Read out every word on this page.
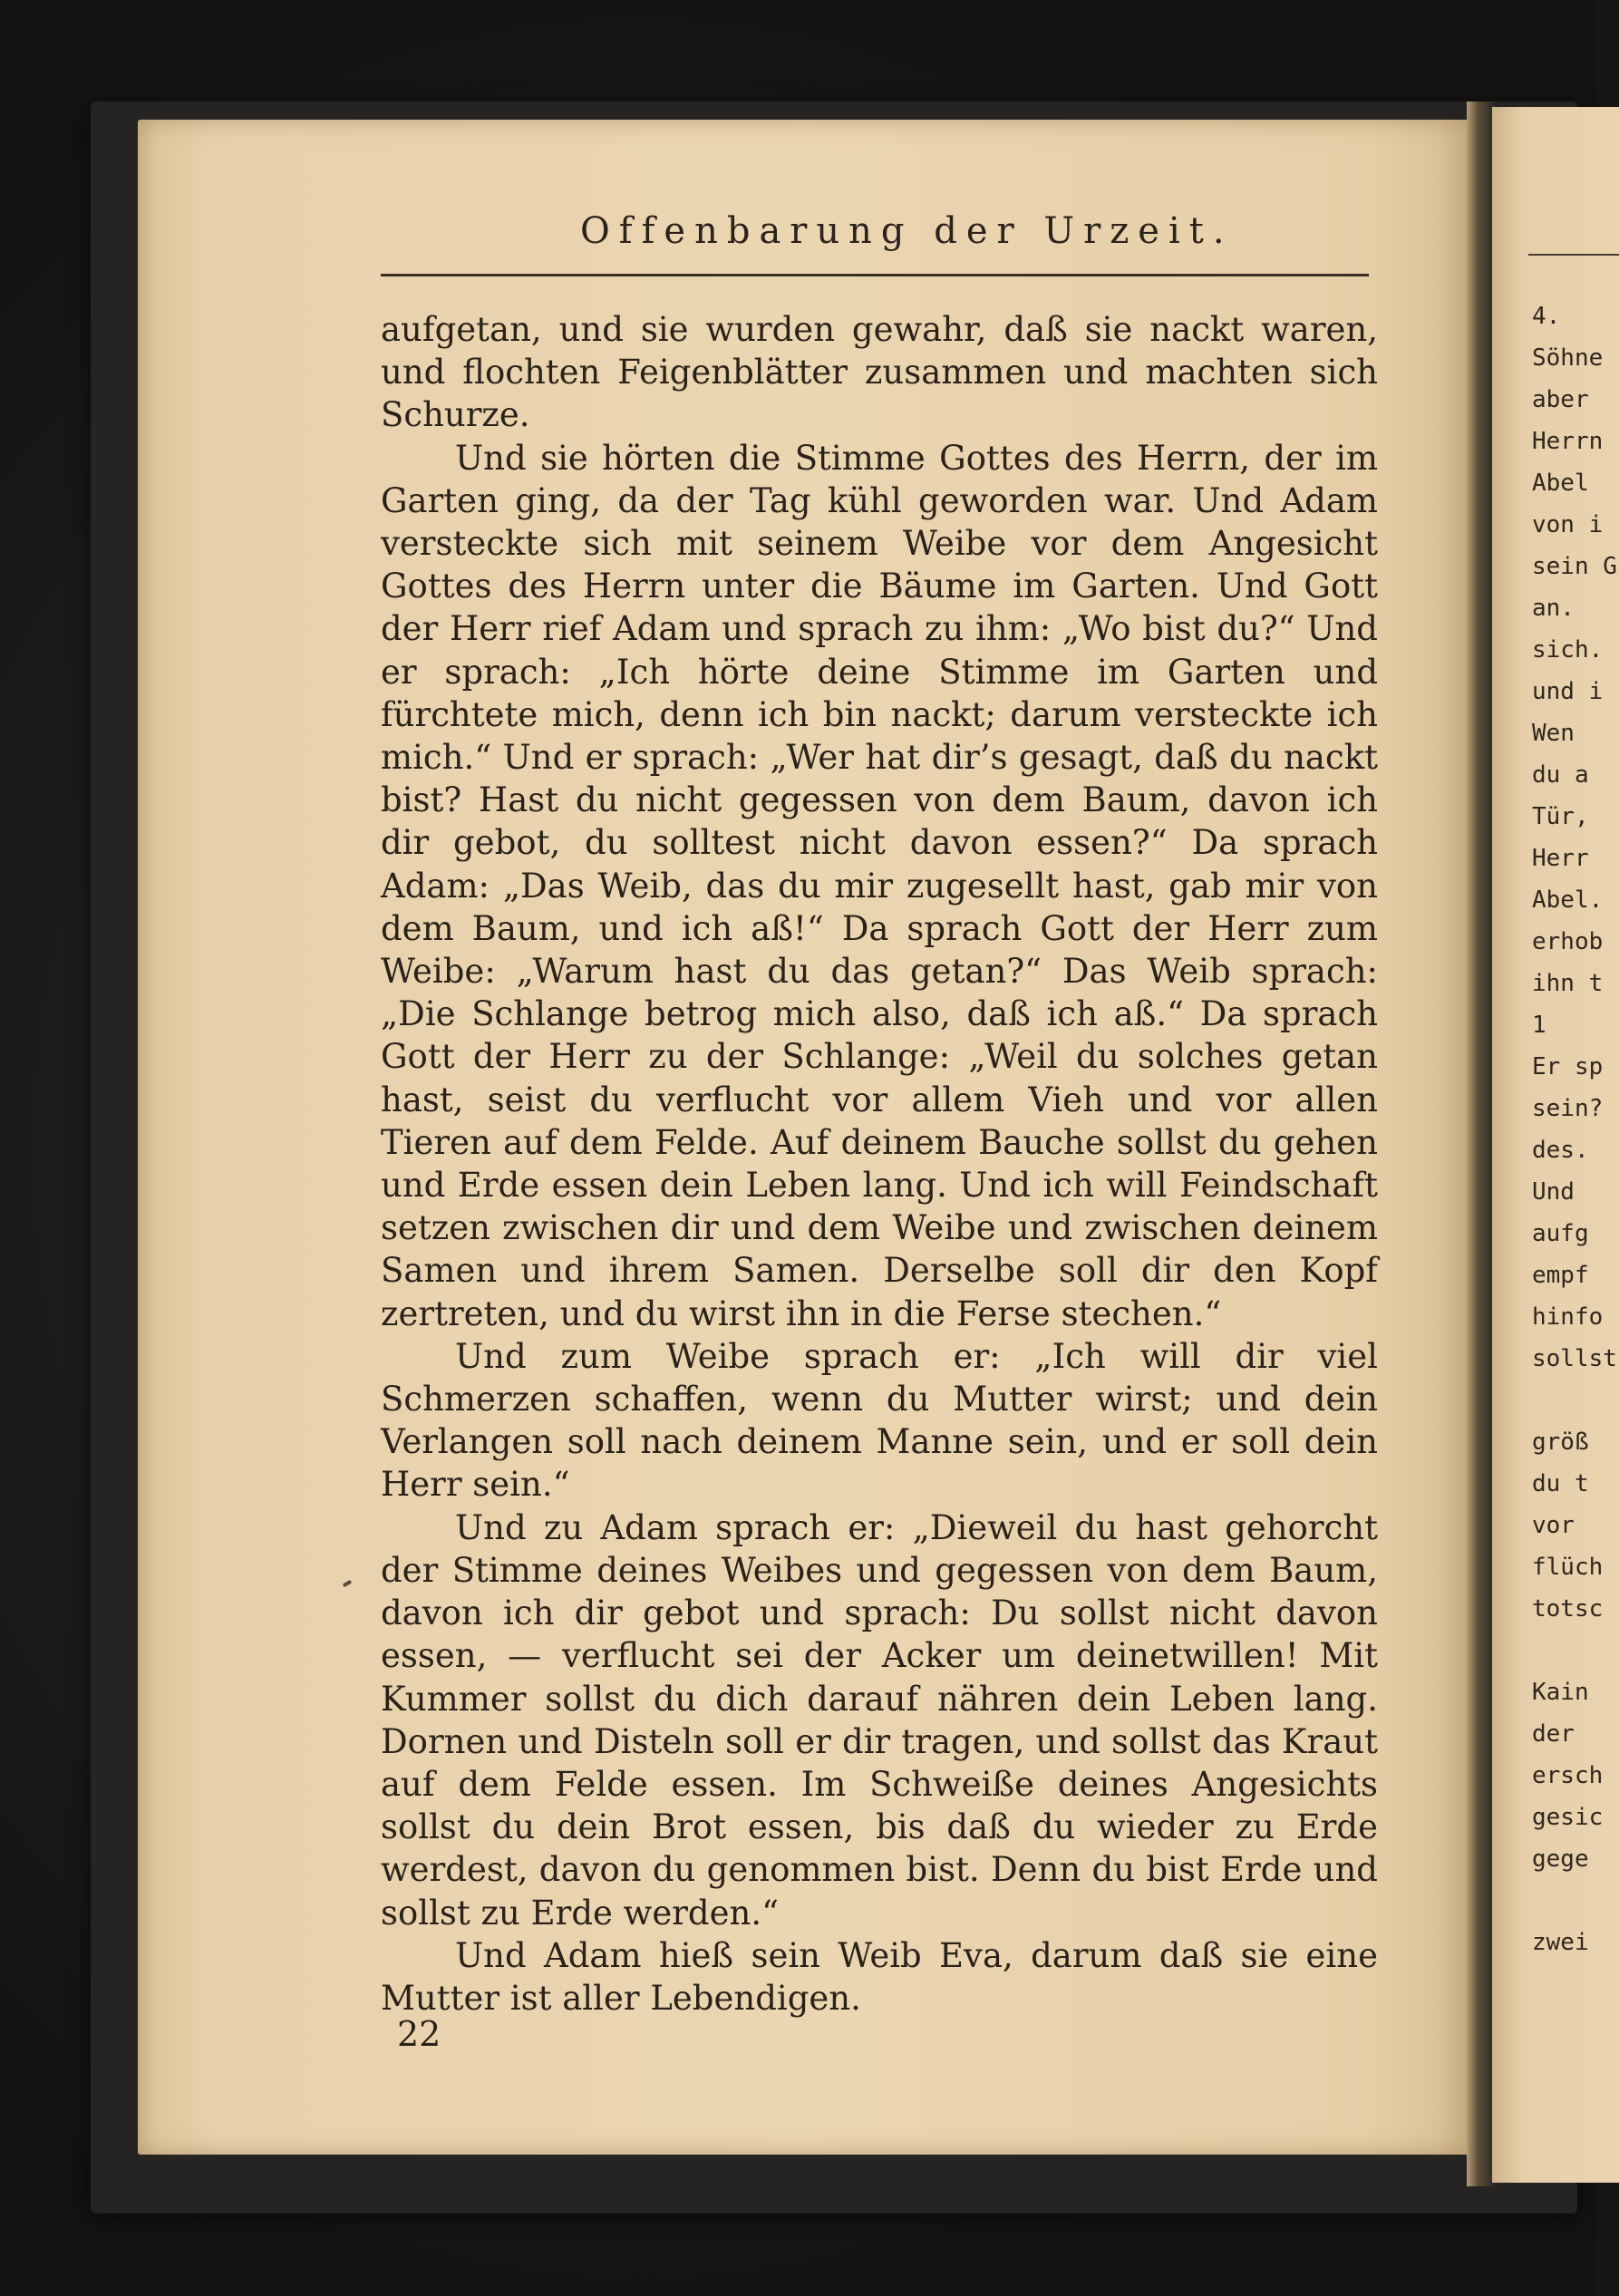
4.
Söhne
aber
Herrn
Abel
von i
sein G
an.
sich.
und i
Wen
du a
Tür,
Herr
Abel.
erhob
ihn t
1
Er sp
sein?
des.
Und
aufg
empf
hinfo
sollst
größ
du t
vor
flüch
totsc
Kain
der
ersch
gesic
gege
zwei
Offenbarung der Urzeit.

aufgetan, und sie wurden gewahr, daß sie nackt waren, und flochten Feigenblätter zusammen und machten sich Schurze.

Und sie hörten die Stimme Gottes des Herrn, der im Garten ging, da der Tag kühl geworden war. Und Adam versteckte sich mit seinem Weibe vor dem Angesicht Gottes des Herrn unter die Bäume im Garten. Und Gott der Herr rief Adam und sprach zu ihm: „Wo bist du?“ Und er sprach: „Ich hörte deine Stimme im Garten und fürchtete mich, denn ich bin nackt; darum versteckte ich mich.“ Und er sprach: „Wer hat dir’s gesagt, daß du nackt bist? Hast du nicht gegessen von dem Baum, davon ich dir gebot, du solltest nicht davon essen?“ Da sprach Adam: „Das Weib, das du mir zugesellt hast, gab mir von dem Baum, und ich aß!“ Da sprach Gott der Herr zum Weibe: „Warum hast du das getan?“ Das Weib sprach: „Die Schlange betrog mich also, daß ich aß.“ Da sprach Gott der Herr zu der Schlange: „Weil du solches getan hast, seist du verflucht vor allem Vieh und vor allen Tieren auf dem Felde. Auf deinem Bauche sollst du gehen und Erde essen dein Leben lang. Und ich will Feindschaft setzen zwischen dir und dem Weibe und zwischen deinem Samen und ihrem Samen. Derselbe soll dir den Kopf zertreten, und du wirst ihn in die Ferse stechen.“

Und zum Weibe sprach er: „Ich will dir viel Schmerzen schaffen, wenn du Mutter wirst; und dein Verlangen soll nach deinem Manne sein, und er soll dein Herr sein.“

Und zu Adam sprach er: „Dieweil du hast gehorcht der Stimme deines Weibes und gegessen von dem Baum, davon ich dir gebot und sprach: Du sollst nicht davon essen, — verflucht sei der Acker um deinetwillen! Mit Kummer sollst du dich darauf nähren dein Leben lang. Dornen und Disteln soll er dir tragen, und sollst das Kraut auf dem Felde essen. Im Schweiße deines Angesichts sollst du dein Brot essen, bis daß du wieder zu Erde werdest, davon du genommen bist. Denn du bist Erde und sollst zu Erde werden.“

Und Adam hieß sein Weib Eva, darum daß sie eine Mutter ist aller Lebendigen.

22
